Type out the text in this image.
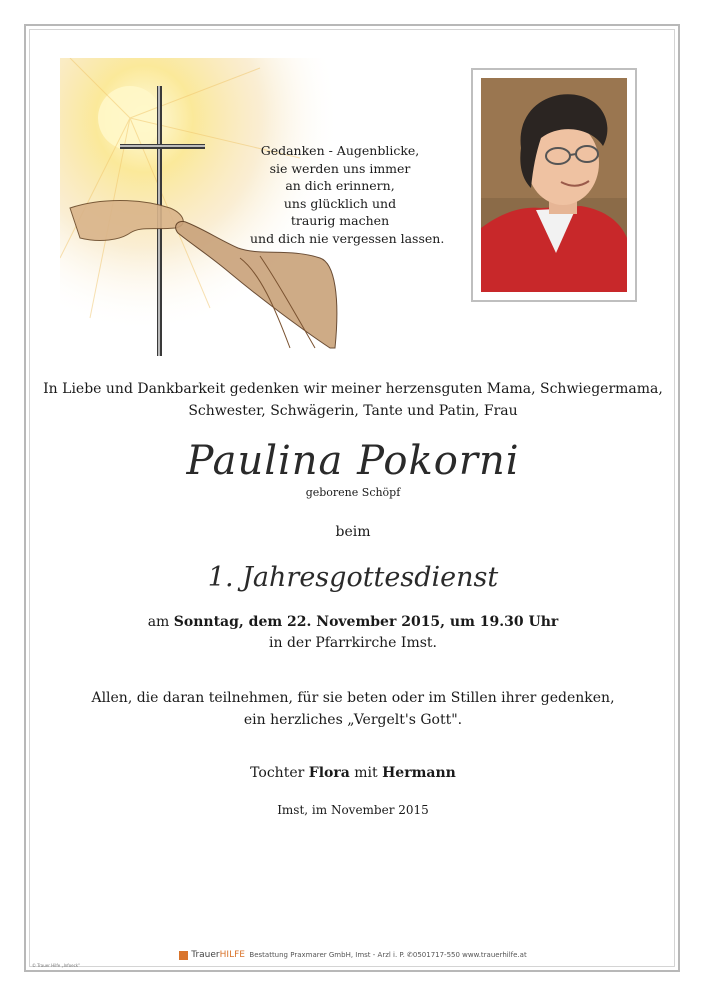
Gedanken - Augenblicke,
sie werden uns immer
an dich erinnern,
uns glücklich und
traurig machen
und dich nie vergessen lassen.
In Liebe und Dankbarkeit gedenken wir meiner herzensguten Mama, Schwiegermama,
Schwester, Schwägerin, Tante und Patin, Frau
Paulina Pokorni
geborene Schöpf
beim
1. Jahresgottesdienst
am Sonntag, dem 22. November 2015, um 19.30 Uhr
in der Pfarrkirche Imst.
Allen, die daran teilnehmen, für sie beten oder im Stillen ihrer gedenken,
ein herzliches „Vergelt's Gott".
Tochter Flora mit Hermann
Imst, im November 2015
TrauerHILFE Bestattung Praxmarer GmbH, Imst - Arzl i. P. ✆0501717-550 www.trauerhilfe.at
© Trauer Hilfe „Infoeck"
